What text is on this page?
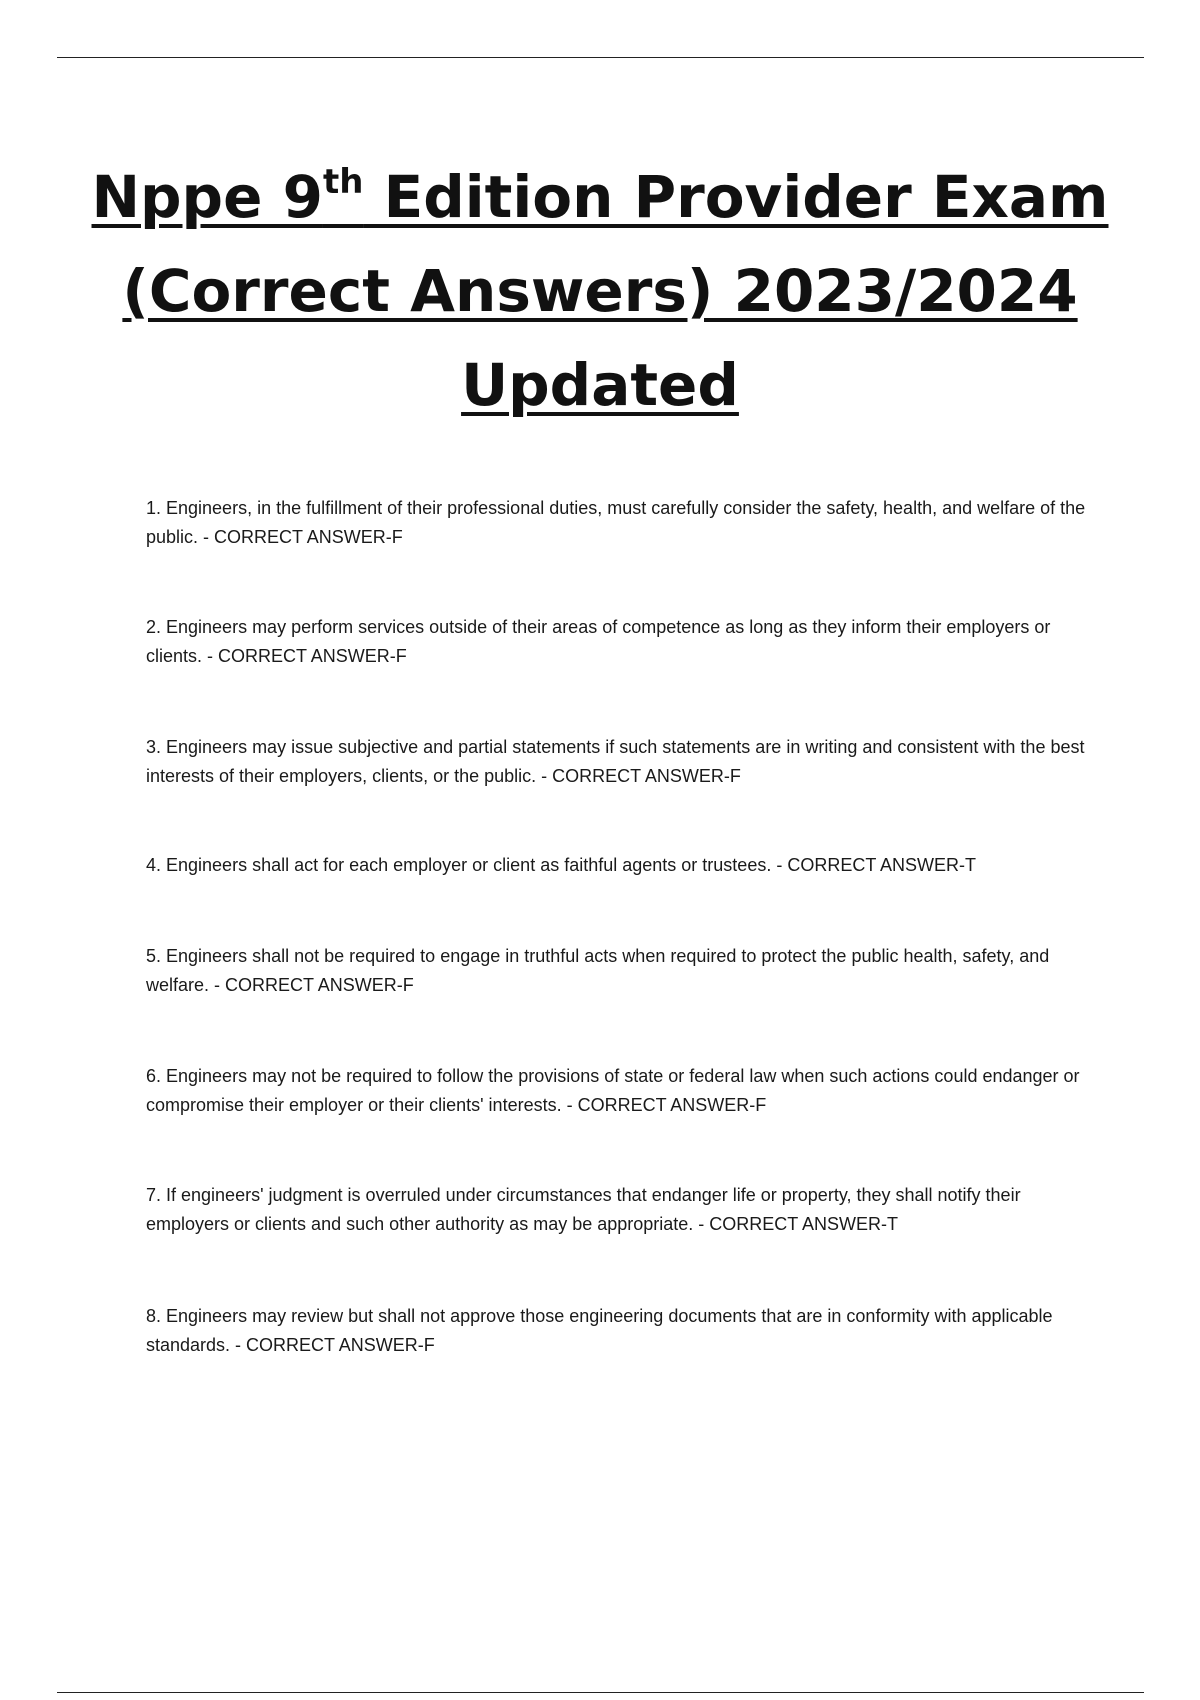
Nppe 9th Edition Provider Exam
(Correct Answers) 2023/2024
Updated
1. Engineers, in the fulfillment of their professional duties, must carefully consider the safety, health, and welfare of the public. - CORRECT ANSWER-F
2. Engineers may perform services outside of their areas of competence as long as they inform their employers or clients. - CORRECT ANSWER-F
3. Engineers may issue subjective and partial statements if such statements are in writing and consistent with the best interests of their employers, clients, or the public. - CORRECT ANSWER-F
4. Engineers shall act for each employer or client as faithful agents or trustees. - CORRECT ANSWER-T
5. Engineers shall not be required to engage in truthful acts when required to protect the public health, safety, and welfare. - CORRECT ANSWER-F
6. Engineers may not be required to follow the provisions of state or federal law when such actions could endanger or compromise their employer or their clients' interests. - CORRECT ANSWER-F
7. If engineers' judgment is overruled under circumstances that endanger life or property, they shall notify their employers or clients and such other authority as may be appropriate. - CORRECT ANSWER-T
8. Engineers may review but shall not approve those engineering documents that are in conformity with applicable standards. - CORRECT ANSWER-F
